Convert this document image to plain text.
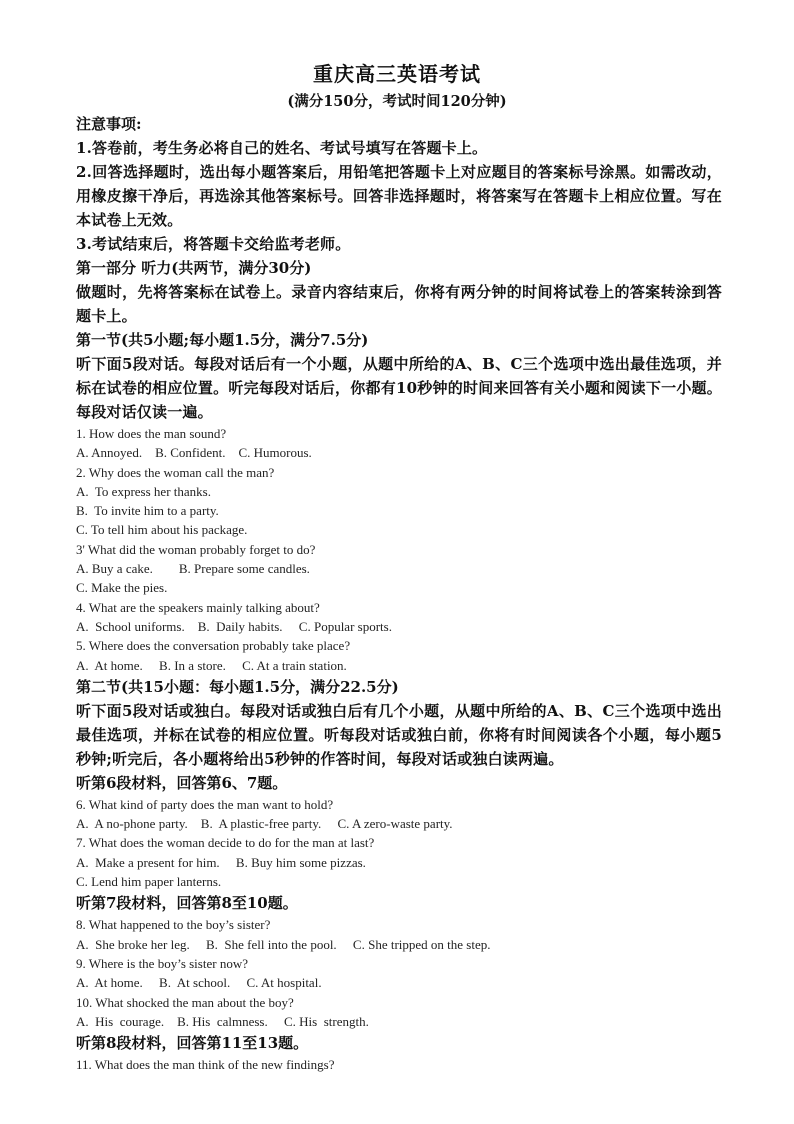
重庆高三英语考试
(满分150分，考试时间120分钟)

注意事项:

1.答卷前，考生务必将自己的姓名、考试号填写在答题卡上。

2.回答选择题时，选出每小题答案后，用铅笔把答题卡上对应题目的答案标号涂黑。如需改动，用橡皮擦干净后，再选涂其他答案标号。回答非选择题时，将答案写在答题卡上相应位置。写在本试卷上无效。

3.考试结束后，将答题卡交给监考老师。

第一部分 听力(共两节，满分30分)

做题时，先将答案标在试卷上。录音内容结束后，你将有两分钟的时间将试卷上的答案转涂到答题卡上。

第一节(共5小题;每小题1.5分，满分7.5分)

听下面5段对话。每段对话后有一个小题，从题中所给的A、B、C三个选项中选出最佳选项，并标在试卷的相应位置。听完每段对话后，你都有10秒钟的时间来回答有关小题和阅读下一小题。每段对话仅读一遍。

1. How does the man sound?

A. Annoyed.    B. Confident.    C. Humorous.

2. Why does the woman call the man?

A.  To express her thanks.

B.  To invite him to a party.

C. To tell him about his package.

3' What did the woman probably forget to do?

A. Buy a cake.        B. Prepare some candles.

C. Make the pies.

4. What are the speakers mainly talking about?

A.  School uniforms.    B.  Daily habits.     C. Popular sports.

5. Where does the conversation probably take place?

A.  At home.     B. In a store.     C. At a train station.

第二节(共15小题：每小题1.5分，满分22.5分)

听下面5段对话或独白。每段对话或独白后有几个小题，从题中所给的A、B、C三个选项中选出最佳选项，并标在试卷的相应位置。听每段对话或独白前，你将有时间阅读各个小题，每小题5秒钟;听完后，各小题将给出5秒钟的作答时间，每段对话或独白读两遍。

听第6段材料，回答第6、7题。

6. What kind of party does the man want to hold?

A.  A no-phone party.    B.  A plastic-free party.     C. A zero-waste party.

7. What does the woman decide to do for the man at last?

A.  Make a present for him.     B. Buy him some pizzas.

C. Lend him paper lanterns.

听第7段材料，回答第8至10题。

8. What happened to the boy’s sister?

A.  She broke her leg.     B.  She fell into the pool.     C. She tripped on the step.

9. Where is the boy’s sister now?

A.  At home.     B.  At school.     C. At hospital.

10. What shocked the man about the boy?

A.  His  courage.    B. His  calmness.     C. His  strength.

听第8段材料，回答第11至13题。

11. What does the man think of the new findings?
